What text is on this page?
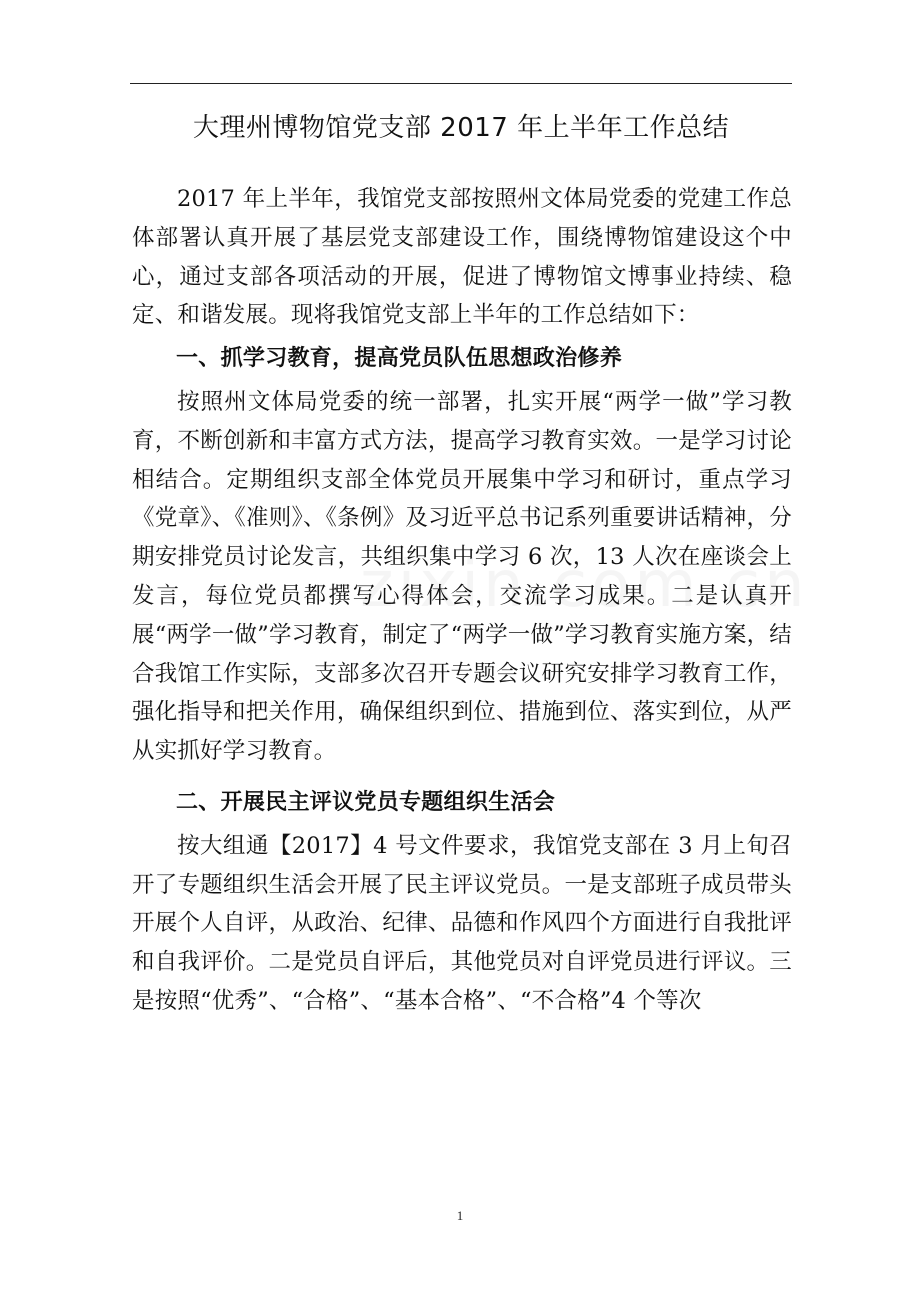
大理州博物馆党支部 2017 年上半年工作总结

2017 年上半年，我馆党支部按照州文体局党委的党建工作总体部署认真开展了基层党支部建设工作，围绕博物馆建设这个中心，通过支部各项活动的开展，促进了博物馆文博事业持续、稳定、和谐发展。现将我馆党支部上半年的工作总结如下：

一、抓学习教育，提高党员队伍思想政治修养

按照州文体局党委的统一部署，扎实开展“两学一做”学习教育，不断创新和丰富方式方法，提高学习教育实效。一是学习讨论相结合。定期组织支部全体党员开展集中学习和研讨，重点学习《党章》、《准则》、《条例》及习近平总书记系列重要讲话精神，分期安排党员讨论发言，共组织集中学习 6 次，13 人次在座谈会上发言，每位党员都撰写心得体会，交流学习成果。二是认真开展“两学一做”学习教育，制定了“两学一做”学习教育实施方案，结合我馆工作实际，支部多次召开专题会议研究安排学习教育工作，强化指导和把关作用，确保组织到位、措施到位、落实到位，从严从实抓好学习教育。

二、开展民主评议党员专题组织生活会

按大组通【2017】4 号文件要求，我馆党支部在 3 月上旬召开了专题组织生活会开展了民主评议党员。一是支部班子成员带头开展个人自评，从政治、纪律、品德和作风四个方面进行自我批评和自我评价。二是党员自评后，其他党员对自评党员进行评议。三是按照“优秀”、“合格”、“基本合格”、“不合格”4 个等次

1
